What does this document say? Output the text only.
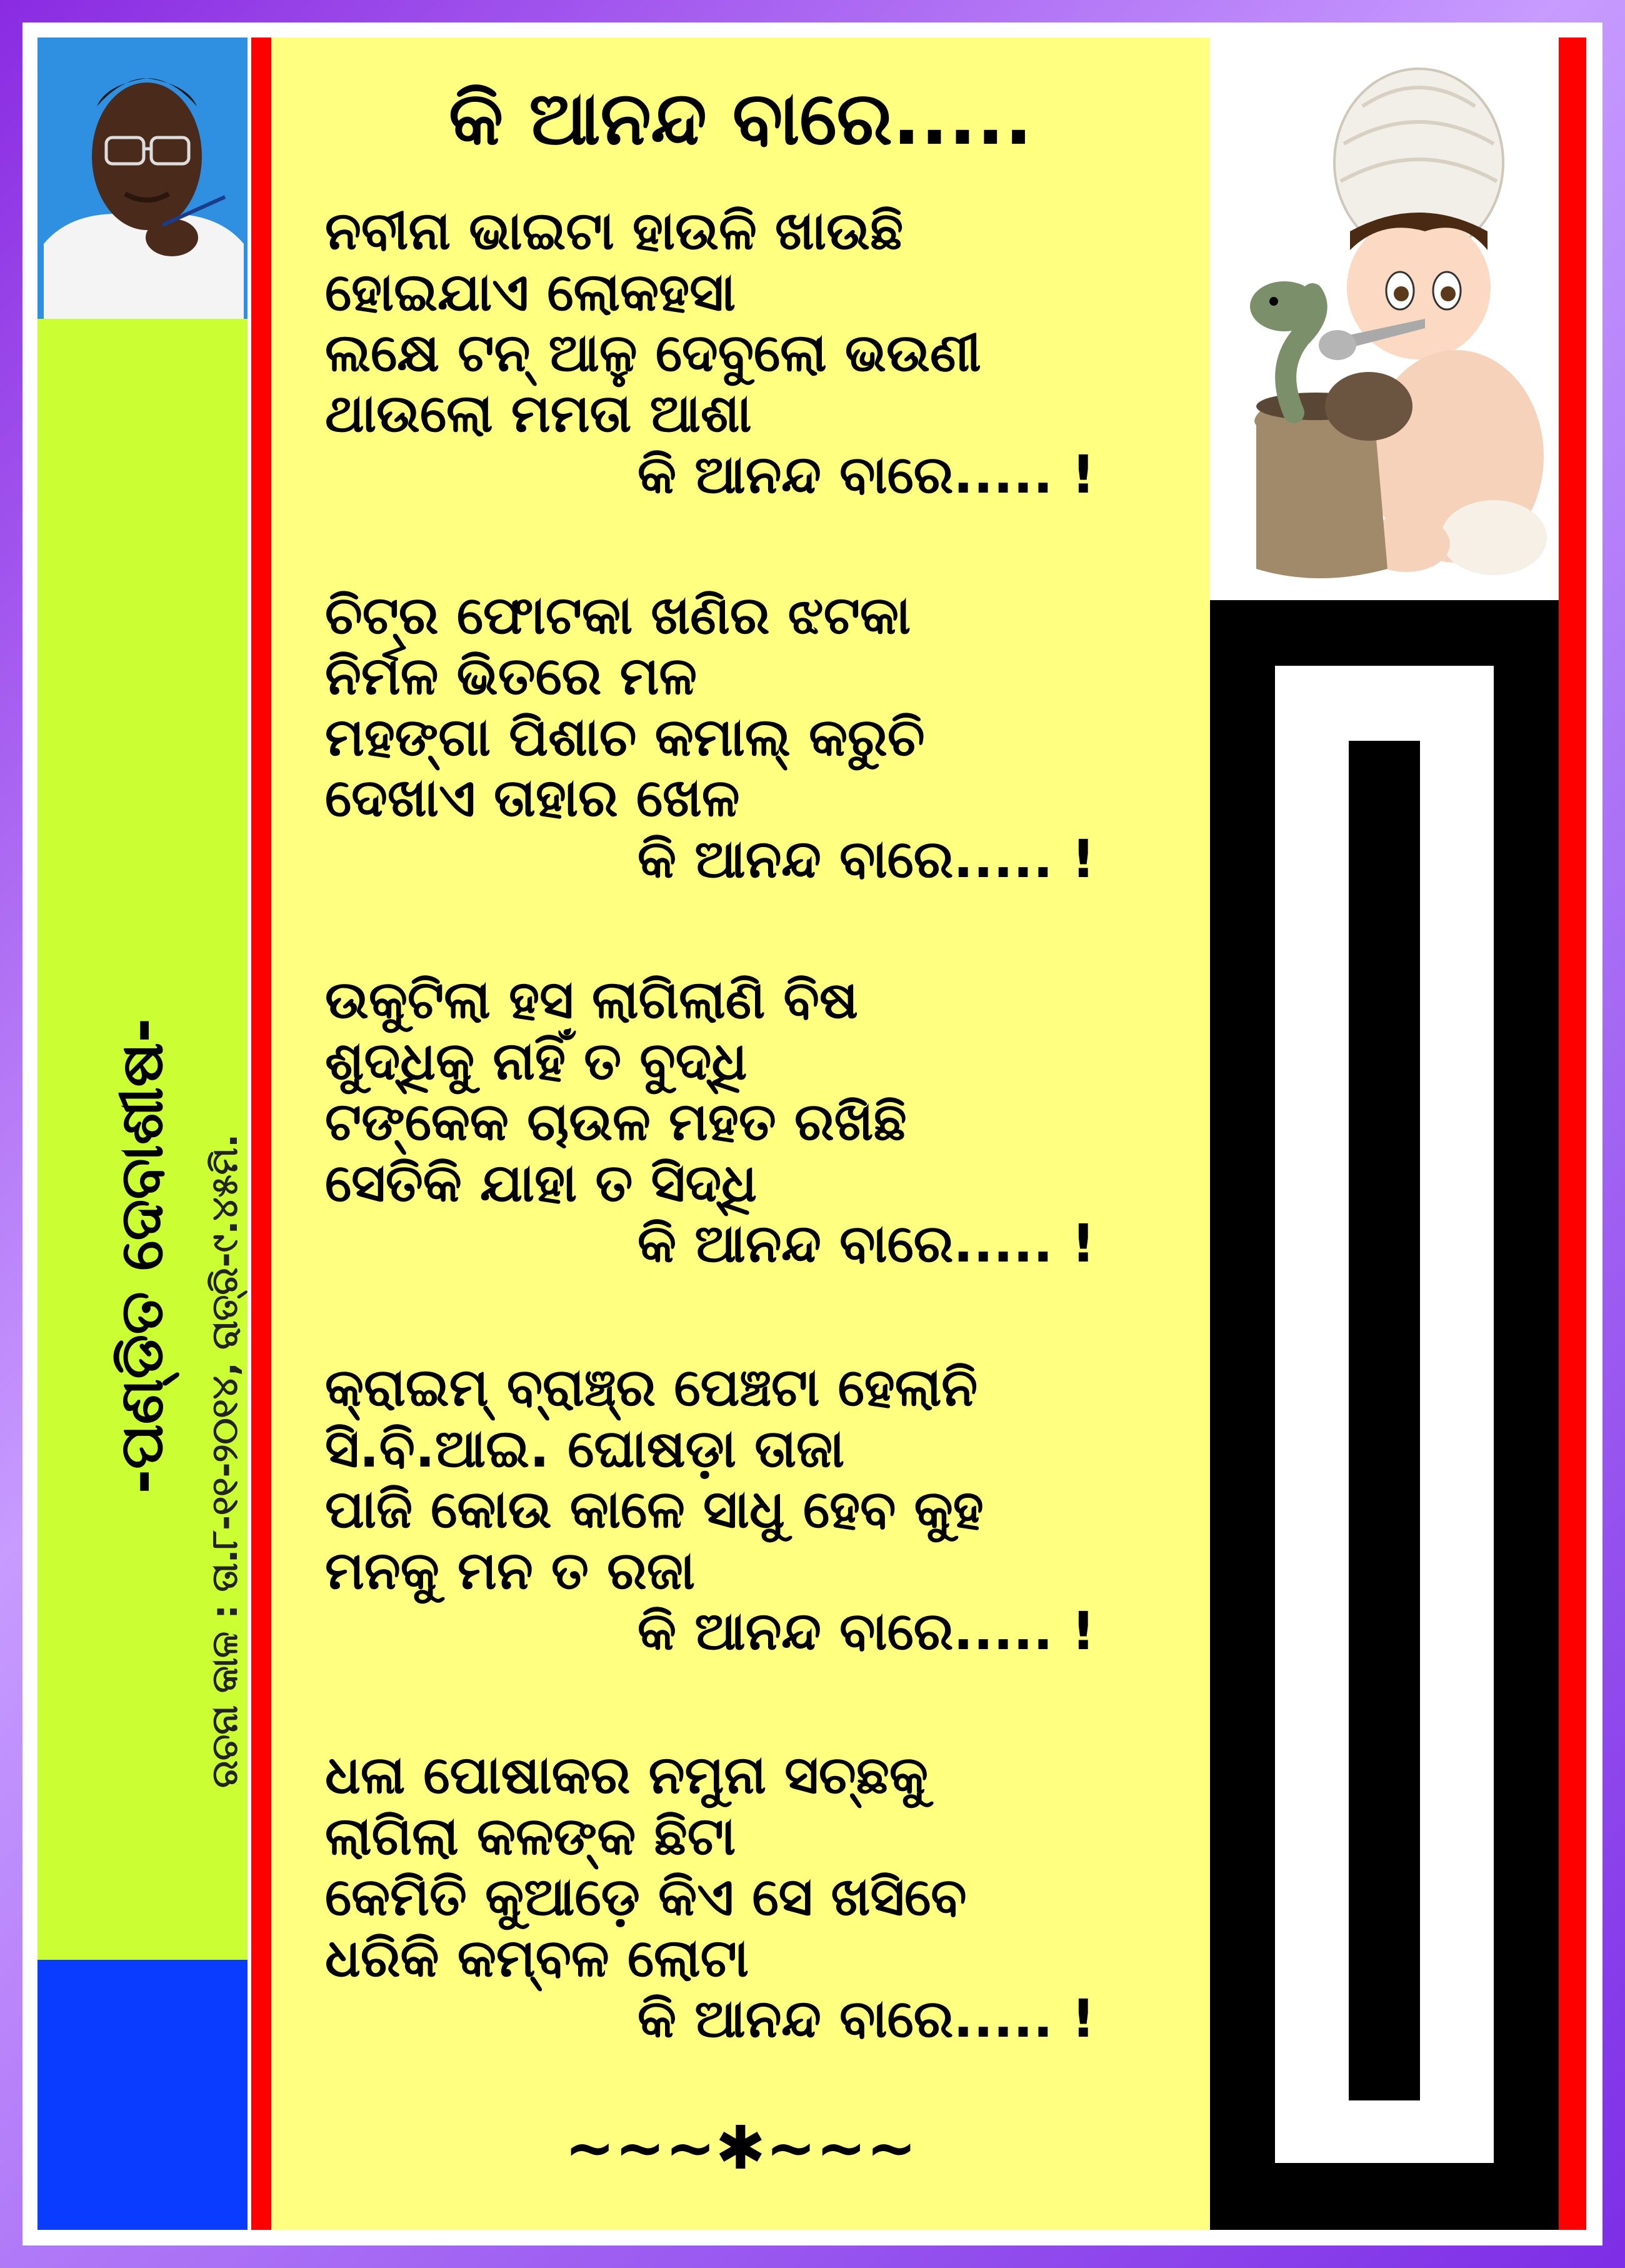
-ପଣ୍ଡିତ ଦେବାଶୀଷ- ରଚନା କାଳ : ତା.୮-୧୧-୨୦୧୪, ରାତ୍ରି-୯.୪୫ମି.
କି ଆନନ୍ଦ ବାରେ.....
ନବୀନା ଭାଇଟା ହାଉଳି ଖାଉଛି
ହୋଇଯାଏ ଲୋକହସା
ଲକ୍ଷେ ଟନ୍ ଆଳୁ ଦେବୁଲୋ ଭଉଣୀ
ଥାଉଲୋ ମମତା ଆଶା
କି ଆନନ୍ଦ ବାରେ..... !
ଚିଟ୍ର ଫୋଟକା ଖଣିର ଝଟକା
ନିର୍ମଳ ଭିତରେ ମଳ
ମହଙ୍ଗା ପିଶାଚ କମାଲ୍ କରୁଚି
ଦେଖାଏ ତାହାର ଖେଳ
କି ଆନନ୍ଦ ବାରେ..... !
ଉକୁଟିଲା ହସ ଲାଗିଲାଣି ବିଷ
ଶୁଦ୍ଧିକୁ ନାହିଁ ତ ବୁଦ୍ଧି
ଟଙ୍କେକ ଚାଉଳ ମହତ ରଖିଛି
ସେତିକି ଯାହା ତ ସିଦ୍ଧି
କି ଆନନ୍ଦ ବାରେ..... !
କ୍ରାଇମ୍ ବ୍ରାଞ୍ଚ୍ର ପେଞ୍ଚଟା ହେଲାନି
ସି.ବି.ଆଇ. ଘୋଷଡ଼ା ତାଜା
ପାଜି କୋଉ କାଳେ ସାଧୁ ହେବ କୁହ
ମନକୁ ମନ ତ ରଜା
କି ଆନନ୍ଦ ବାରେ..... !
ଧଳା ପୋଷାକର ନମୁନା ସଚ୍ଛକୁ
ଲାଗିଲା କଳଙ୍କ ଛିଟା
କେମିତି କୁଆଡ଼େ କିଏ ସେ ଖସିବେ
ଧରିକି କମ୍ବଳ ଲୋଟା
କି ଆନନ୍ଦ ବାରେ..... !
~~~✱~~~
